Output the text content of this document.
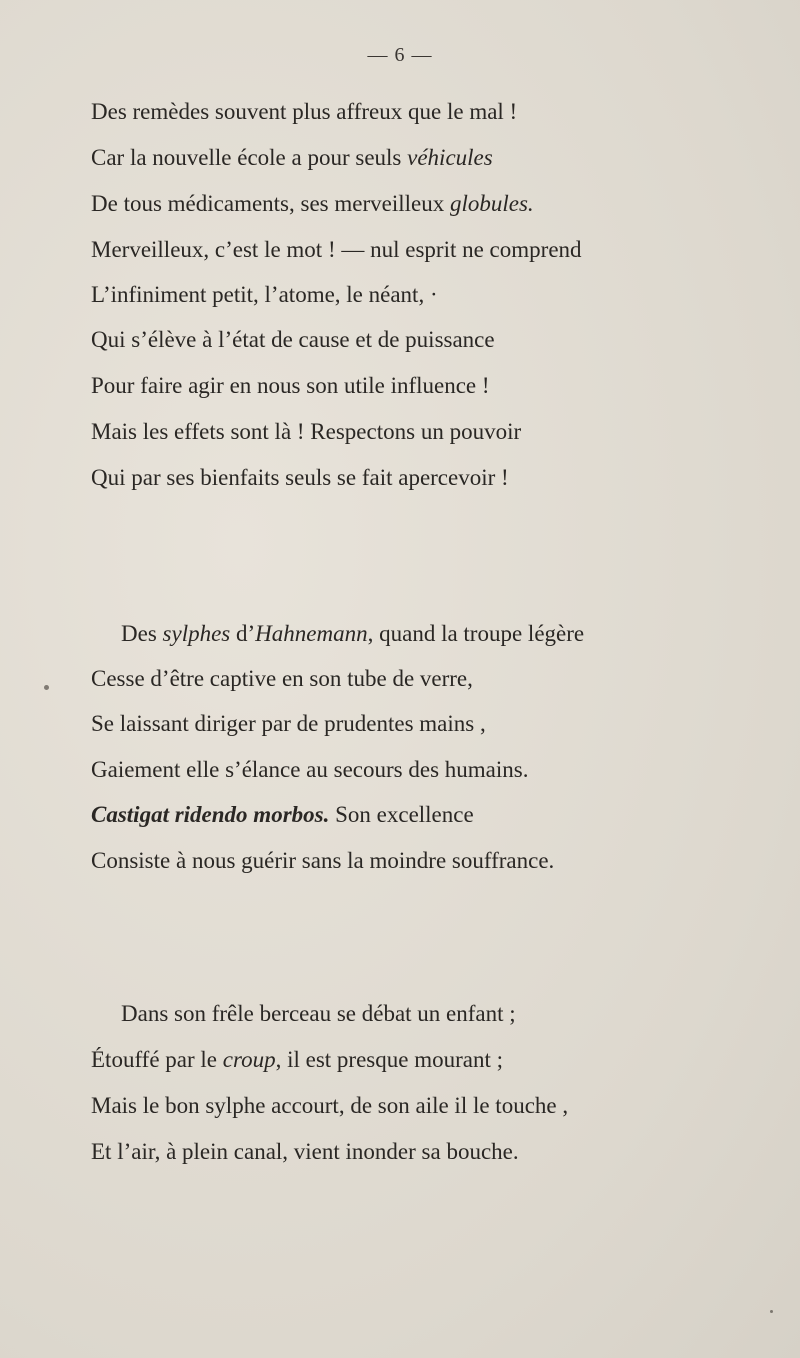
— 6 —
Des remèdes souvent plus affreux que le mal !
Car la nouvelle école a pour seuls véhicules
De tous médicaments, ses merveilleux globules.
Merveilleux, c’est le mot ! — nul esprit ne comprend
L’infiniment petit, l’atome, le néant, ·
Qui s’élève à l’état de cause et de puissance
Pour faire agir en nous son utile influence !
Mais les effets sont là ! Respectons un pouvoir
Qui par ses bienfaits seuls se fait apercevoir !
Des sylphes d’Hahnemann, quand la troupe légère
Cesse d’être captive en son tube de verre,
Se laissant diriger par de prudentes mains ,
Gaiement elle s’élance au secours des humains.
Castigat ridendo morbos. Son excellence
Consiste à nous guérir sans la moindre souffrance.
Dans son frêle berceau se débat un enfant ;
Étouffé par le croup, il est presque mourant ;
Mais le bon sylphe accourt, de son aile il le touche ,
Et l’air, à plein canal, vient inonder sa bouche.
